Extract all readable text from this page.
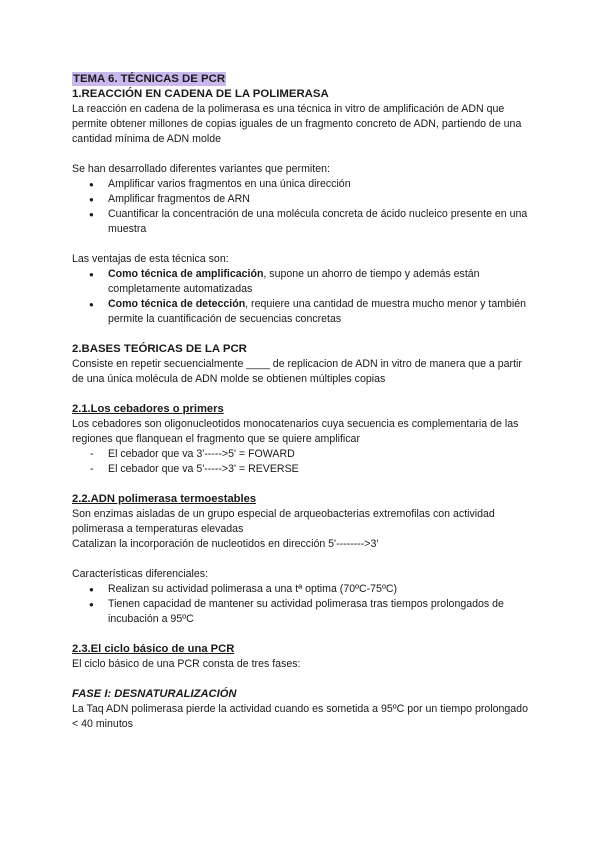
TEMA 6. TÉCNICAS DE PCR
1.REACCIÓN EN CADENA DE LA POLIMERASA

La reacción en cadena de la polimerasa es una técnica in vitro de amplificación de ADN que permite obtener millones de copias iguales de un fragmento concreto de ADN, partiendo de una cantidad mínima de ADN molde

Se han desarrollado diferentes variantes que permiten:

● Amplificar varios fragmentos en una única dirección
● Amplificar fragmentos de ARN
● Cuantificar la concentración de una molécula concreta de ácido nucleico presente en una muestra

Las ventajas de esta técnica son:

● Como técnica de amplificación, supone un ahorro de tiempo y además están completamente automatizadas
● Como técnica de detección, requiere una cantidad de muestra mucho menor y también permite la cuantificación de secuencias concretas
2.BASES TEÓRICAS DE LA PCR

Consiste en repetir secuencialmente ____ de replicacion de ADN in vitro de manera que a partir de una única molécula de ADN molde se obtienen múltiples copias

2.1.Los cebadores o primers

Los cebadores son oligonucleotidos monocatenarios cuya secuencia es complementaria de las regiones que flanquean el fragmento que se quiere amplificar

- El cebador que va 3'----->5' = FOWARD
- El cebador que va 5'----->3' = REVERSE
2.2.ADN polimerasa termoestables

Son enzimas aisladas de un grupo especial de arqueobacterias extremofilas con actividad polimerasa a temperaturas elevadas

Catalizan la incorporación de nucleotidos en dirección 5'-------->3'

Características diferenciales:

● Realizan su actividad polimerasa a una tª optima (70ºC-75ºC)
● Tienen capacidad de mantener su actividad polimerasa tras tiempos prolongados de incubación a 95ºC
2.3.El ciclo básico de una PCR

El ciclo básico de una PCR consta de tres fases:

FASE I: DESNATURALIZACIÓN

La Taq ADN polimerasa pierde la actividad cuando es sometida a 95ºC por un tiempo prolongado < 40 minutos
